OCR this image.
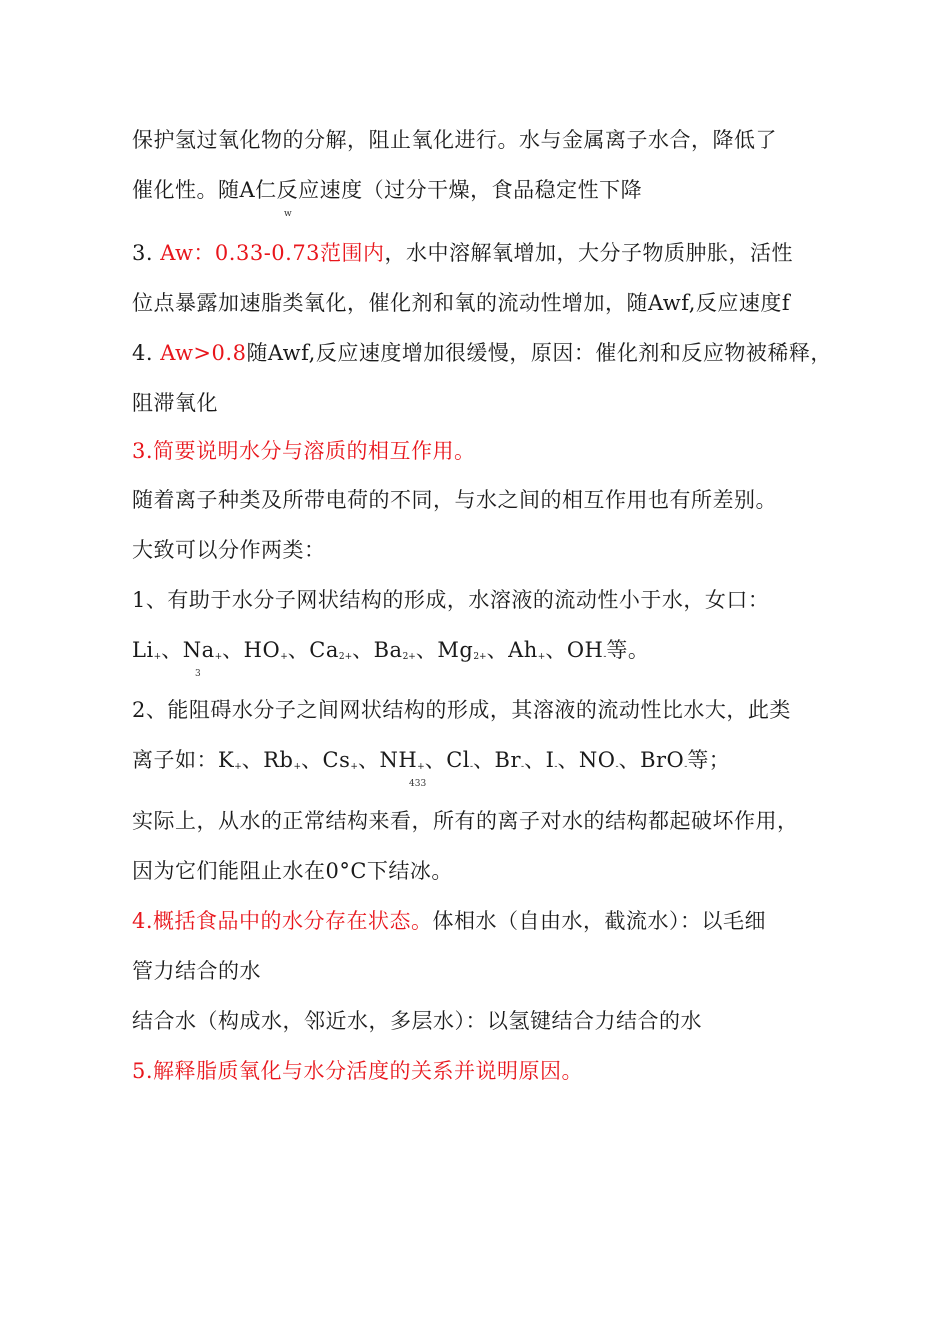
保护氢过氧化物的分解，阻止氧化进行。水与金属离子水合，降低了
催化性。随A仁反应速度（过分干燥，食品稳定性下降
w
3. Aw：0.33-0.73范围内，水中溶解氧增加，大分子物质肿胀，活性
位点暴露加速脂类氧化，催化剂和氧的流动性增加，随Awf,反应速度f
4. Aw>0.8随Awf,反应速度增加很缓慢，原因：催化剂和反应物被稀释，
阻滞氧化
3.简要说明水分与溶质的相互作用。
随着离子种类及所带电荷的不同，与水之间的相互作用也有所差别。
大致可以分作两类：
1、有助于水分子网状结构的形成，水溶液的流动性小于水，女口：
$Li_+$、$Na_+$、$HO_+$、$Ca_{2+}$、$Ba_{2+}$、$Mg_{2+}$、$Ah_+$、$OH_-$等。
3
2、能阻碍水分子之间网状结构的形成，其溶液的流动性比水大，此类
离子如：$K_+$、$Rb_+$、$Cs_+$、$NH_+$、$Cl_-$、$Br_-$、$I_-$、$NO_-$、BrO$_-$等；
433
实际上，从水的正常结构来看，所有的离子对水的结构都起破坏作用，
因为它们能阻止水在0°C下结冰。
4.概括食品中的水分存在状态。体相水（自由水，截流水）：以毛细
管力结合的水
结合水（构成水，邻近水，多层水）：以氢键结合力结合的水
5.解释脂质氧化与水分活度的关系并说明原因。
